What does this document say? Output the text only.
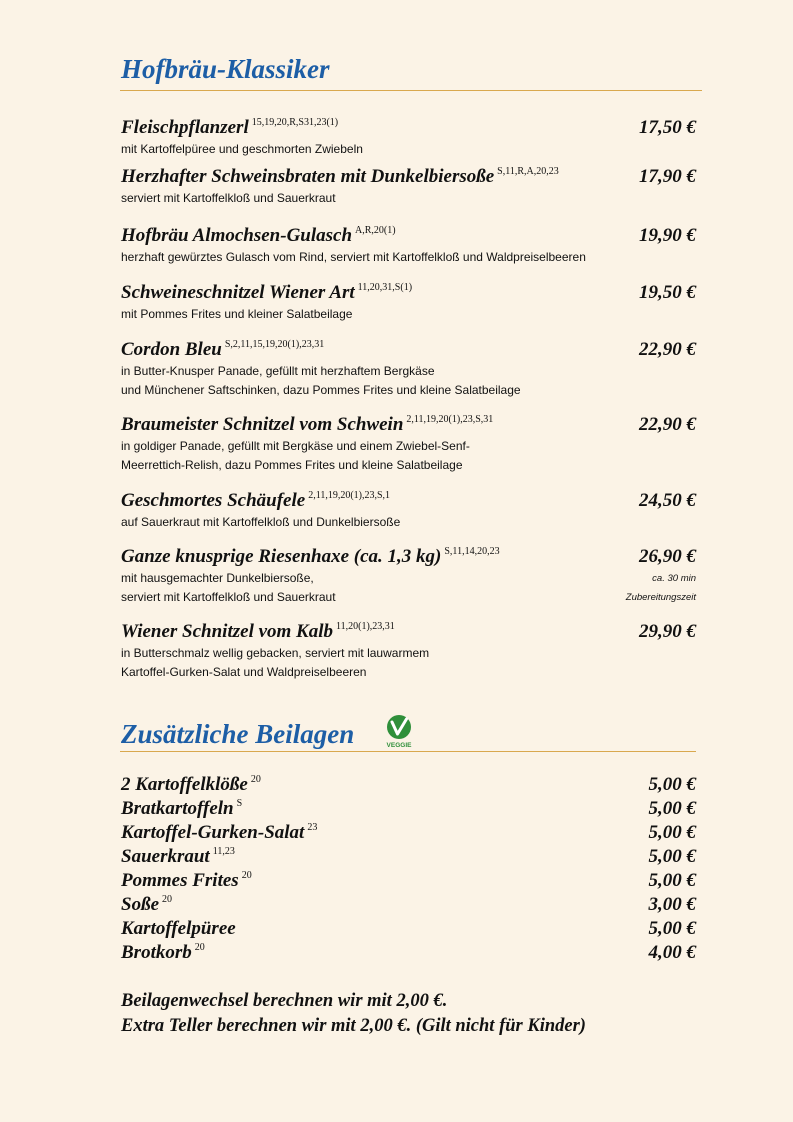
Hofbräu-Klassiker
Fleischpflanzerl $^{15,19,20,R,S31,23(1)}$	17,50 €
mit Kartoffelpüree und geschmorten Zwiebeln
Herzhafter Schweinsbraten mit Dunkelbiersoße $^{S,11,R,A,20,23}$	17,90 €
serviert mit Kartoffelkloß und Sauerkraut
Hofbräu Almochsen-Gulasch $^{A,R,20(1)}$	19,90 €
herzhaft gewürztes Gulasch vom Rind, serviert mit Kartoffelkloß und Waldpreiselbeeren
Schweineschnitzel Wiener Art $^{11,20,31,S(1)}$	19,50 €
mit Pommes Frites und kleiner Salatbeilage
Cordon Bleu $^{S,2,11,15,19,20(1),23,31}$	22,90 €
in Butter-Knusper Panade, gefüllt mit herzhaftem Bergkäse
und Münchener Saftschinken, dazu Pommes Frites und kleine Salatbeilage
Braumeister Schnitzel vom Schwein $^{2,11,19,20(1),23,S,31}$	22,90 €
in goldiger Panade, gefüllt mit Bergkäse und einem Zwiebel-Senf-
Meerrettich-Relish, dazu Pommes Frites und kleine Salatbeilage
Geschmortes Schäufele $^{2,11,19,20(1),23,S,1}$	24,50 €
auf Sauerkraut mit Kartoffelkloß und Dunkelbiersoße
Ganze knusprige Riesenhaxe (ca. 1,3 kg) $^{S,11,14,20,23}$	26,90 €
mit hausgemachter Dunkelbiersoße,
serviert mit Kartoffelkloß und Sauerkraut
ca. 30 min
Zubereitungszeit
Wiener Schnitzel vom Kalb $^{11,20(1),23,31}$	29,90 €
in Butterschmalz wellig gebacken, serviert mit lauwarmem
Kartoffel-Gurken-Salat und Waldpreiselbeeren
Zusätzliche Beilagen	VEGGIE
2 Kartoffelklöße $^{20}$	5,00 €
Bratkartoffeln $^S$	5,00 €
Kartoffel-Gurken-Salat $^{23}$	5,00 €
Sauerkraut $^{11,23}$	5,00 €
Pommes Frites $^{20}$	5,00 €
Soße $^{20}$	3,00 €
Kartoffelpüree	5,00 €
Brotkorb $^{20}$	4,00 €
Beilagenwechsel berechnen wir mit 2,00 €.
Extra Teller berechnen wir mit 2,00 €. (Gilt nicht für Kinder)
